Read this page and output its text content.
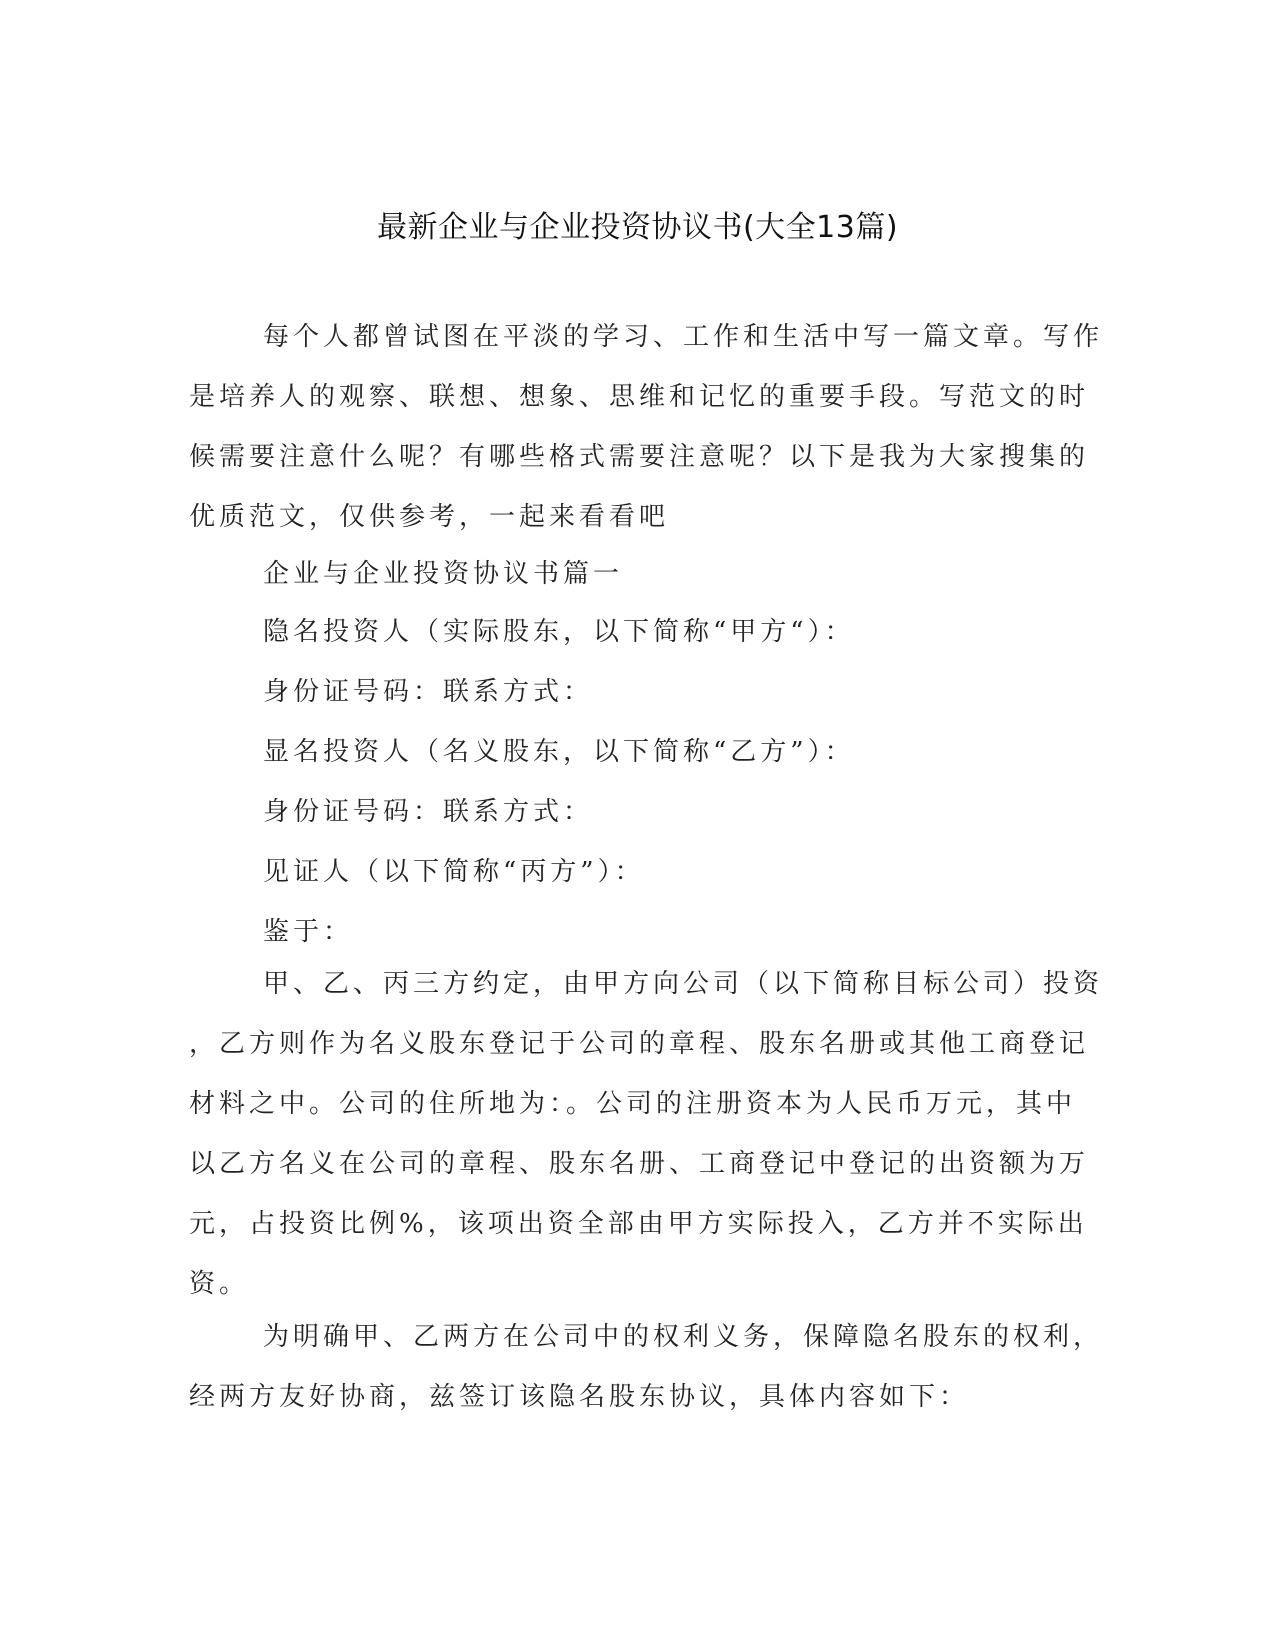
最新企业与企业投资协议书(大全13篇)
每个人都曾试图在平淡的学习、工作和生活中写一篇文章。写作
是培养人的观察、联想、想象、思维和记忆的重要手段。写范文的时
候需要注意什么呢？有哪些格式需要注意呢？以下是我为大家搜集的
优质范文，仅供参考，一起来看看吧
企业与企业投资协议书篇一
隐名投资人（实际股东，以下简称“甲方“）：
身份证号码：联系方式：
显名投资人（名义股东，以下简称“乙方”）：
身份证号码：联系方式：
见证人（以下简称“丙方”）：
鉴于：
甲、乙、丙三方约定，由甲方向公司（以下简称目标公司）投资
，乙方则作为名义股东登记于公司的章程、股东名册或其他工商登记
材料之中。公司的住所地为：。公司的注册资本为人民币万元，其中
以乙方名义在公司的章程、股东名册、工商登记中登记的出资额为万
元，占投资比例%，该项出资全部由甲方实际投入，乙方并不实际出
资。
为明确甲、乙两方在公司中的权利义务，保障隐名股东的权利，
经两方友好协商，兹签订该隐名股东协议，具体内容如下：
